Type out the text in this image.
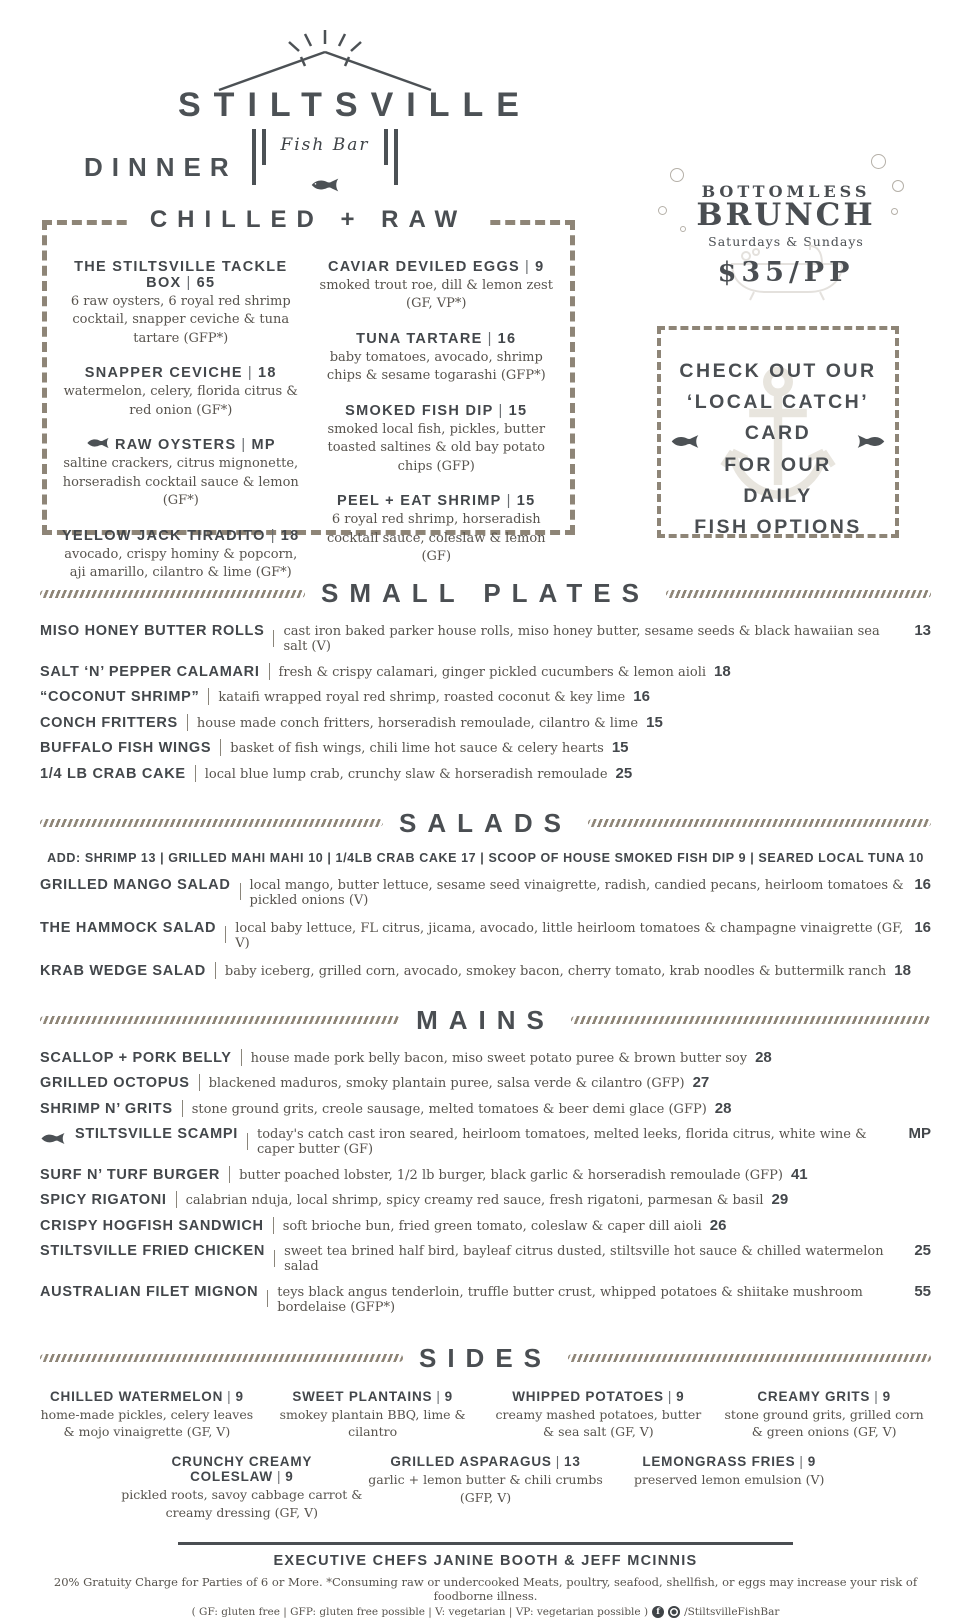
DINNER
STILTSVILLE
Fish Bar
BOTTOMLESS
BRUNCH
Saturdays & Sundays
$35/PP
CHILLED + RAW
THE STILTSVILLE TACKLE BOX | 65
6 raw oysters, 6 royal red shrimp cocktail, snapper ceviche & tuna tartare (GFP*)
SNAPPER CEVICHE | 18
watermelon, celery, florida citrus & red onion (GF*)
RAW OYSTERS | MP
saltine crackers, citrus mignonette, horseradish cocktail sauce & lemon (GF*)
YELLOW JACK TIRADITO | 18
avocado, crispy hominy & popcorn, aji amarillo, cilantro & lime (GF*)
CAVIAR DEVILED EGGS | 9
smoked trout roe, dill & lemon zest (GF, VP*)
TUNA TARTARE | 16
baby tomatoes, avocado, shrimp chips & sesame togarashi (GFP*)
SMOKED FISH DIP | 15
smoked local fish, pickles, butter toasted saltines & old bay potato chips (GFP)
PEEL + EAT SHRIMP | 15
6 royal red shrimp, horseradish cocktail sauce, coleslaw & lemon (GF)
CHECK OUT OUR
‘LOCAL CATCH’ CARD
FOR OUR
DAILY
FISH OPTIONS
SMALL PLATES
MISO HONEY BUTTER ROLLS cast iron baked parker house rolls, miso honey butter, sesame seeds & black hawaiian sea salt (V)
13
SALT ‘N’ PEPPER CALAMARI fresh & crispy calamari, ginger pickled cucumbers & lemon aioli 18
“COCONUT SHRIMP” kataifi wrapped royal red shrimp, roasted coconut & key lime 16
CONCH FRITTERS house made conch fritters, horseradish remoulade, cilantro & lime 15
BUFFALO FISH WINGS basket of fish wings, chili lime hot sauce & celery hearts 15
1/4 LB CRAB CAKE local blue lump crab, crunchy slaw & horseradish remoulade 25
SALADS
ADD: SHRIMP 13 | GRILLED MAHI MAHI 10 | 1/4LB CRAB CAKE 17 | SCOOP OF HOUSE SMOKED FISH DIP 9 | SEARED LOCAL TUNA 10
GRILLED MANGO SALAD local mango, butter lettuce, sesame seed vinaigrette, radish, candied pecans, heirloom tomatoes & pickled onions (V)
16
THE HAMMOCK SALAD local baby lettuce, FL citrus, jicama, avocado, little heirloom tomatoes & champagne vinaigrette (GF, V)
16
KRAB WEDGE SALAD baby iceberg, grilled corn, avocado, smokey bacon, cherry tomato, krab noodles & buttermilk ranch 18
MAINS
SCALLOP + PORK BELLY house made pork belly bacon, miso sweet potato puree & brown butter soy 28
GRILLED OCTOPUS blackened maduros, smoky plantain puree, salsa verde & cilantro (GFP) 27
SHRIMP N’ GRITS stone ground grits, creole sausage, melted tomatoes & beer demi glace (GFP) 28
STILTSVILLE SCAMPI today's catch cast iron seared, heirloom tomatoes, melted leeks, florida citrus, white wine & caper butter (GF)
MP
SURF N’ TURF BURGER butter poached lobster, 1/2 lb burger, black garlic & horseradish remoulade (GFP) 41
SPICY RIGATONI calabrian nduja, local shrimp, spicy creamy red sauce, fresh rigatoni, parmesan & basil 29
CRISPY HOGFISH SANDWICH soft brioche bun, fried green tomato, coleslaw & caper dill aioli 26
STILTSVILLE FRIED CHICKEN sweet tea brined half bird, bayleaf citrus dusted, stiltsville hot sauce & chilled watermelon salad
25
AUSTRALIAN FILET MIGNON teys black angus tenderloin, truffle butter crust, whipped potatoes & shiitake mushroom bordelaise (GFP*)
55
SIDES
CHILLED WATERMELON | 9
home-made pickles, celery leaves & mojo vinaigrette (GF, V)
SWEET PLANTAINS | 9
smokey plantain BBQ, lime & cilantro
WHIPPED POTATOES | 9
creamy mashed potatoes, butter & sea salt (GF, V)
CREAMY GRITS | 9
stone ground grits, grilled corn & green onions (GF, V)
CRUNCHY CREAMY COLESLAW | 9
pickled roots, savoy cabbage carrot & creamy dressing (GF, V)
GRILLED ASPARAGUS | 13
garlic + lemon butter & chili crumbs (GFP, V)
LEMONGRASS FRIES | 9
preserved lemon emulsion (V)
EXECUTIVE CHEFS JANINE BOOTH & JEFF MCINNIS
20% Gratuity Charge for Parties of 6 or More. *Consuming raw or undercooked Meats, poultry, seafood, shellfish, or eggs may increase your risk of foodborne illness.
( GF: gluten free | GFP: gluten free possible | V: vegetarian | VP: vegetarian possible ) f	/StiltsvilleFishBar
